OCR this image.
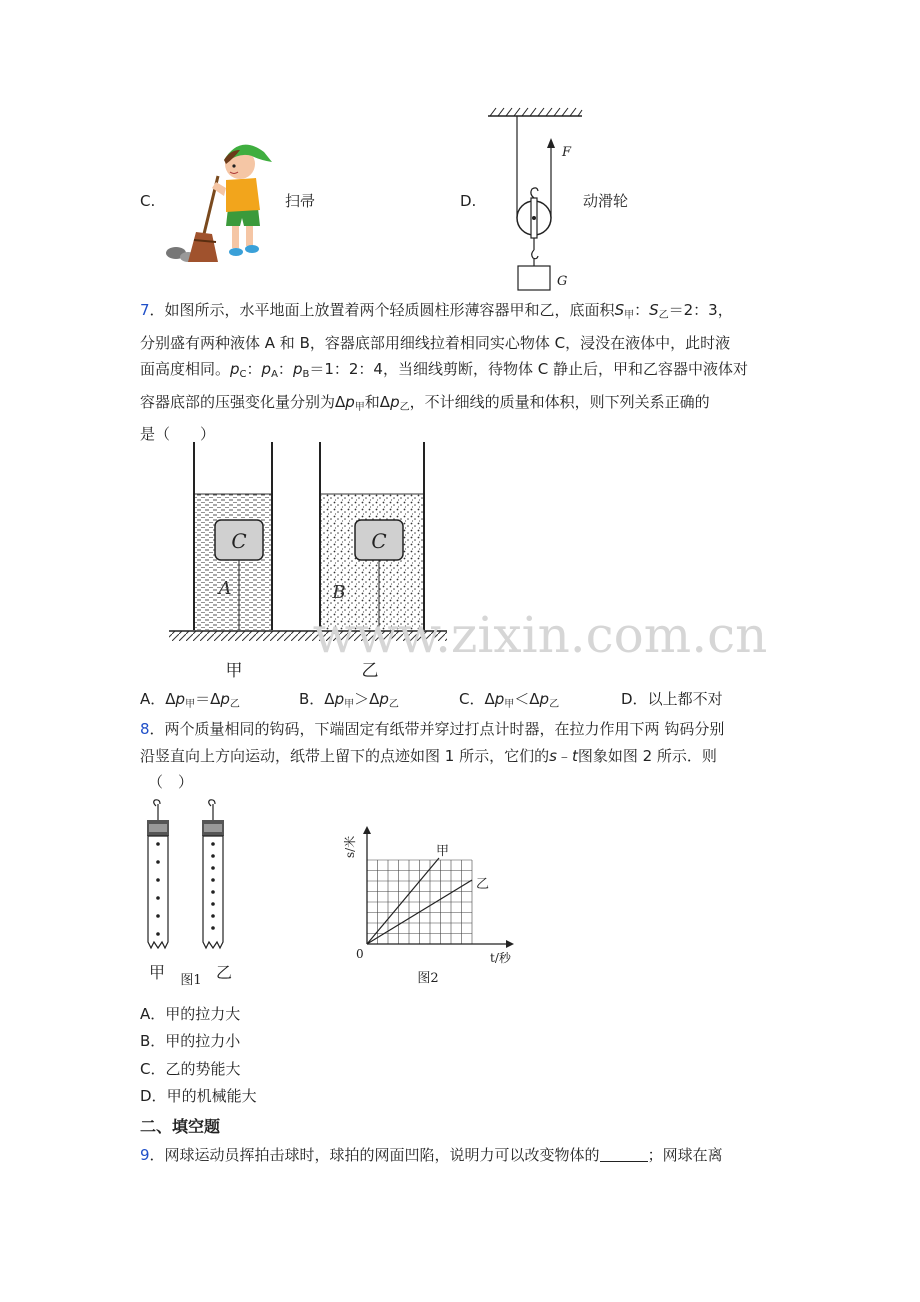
C.	扫帚	D.
F
G
动滑轮
7．如图所示，水平地面上放置着两个轻质圆柱形薄容器甲和乙，底面积$S_甲$：$S_乙=2$：3，
分别盛有两种液体 A 和 B，容器底部用细线拉着相同实心物体 C，浸没在液体中，此时液
面高度相同。$p_C$：$p_A$：$p_B=1$：2：4，当细线剪断，待物体 C 静止后，甲和乙容器中液体对
容器底部的压强变化量分别为$\Delta p_甲$和$\Delta p_乙$，不计细线的质量和体积，则下列关系正确的
是（　　）
C
A
C
B
www.zixin.com.cn
甲	乙
A．$\Delta p_甲=\Delta p_乙$	B．$\Delta p_甲>\Delta p_乙$	C．$\Delta p_甲<\Delta p_乙$	D．以上都不对
8．两个质量相同的钩码，下端固定有纸带并穿过打点计时器，在拉力作用下两 钩码分别
沿竖直向上方向运动，纸带上留下的点迹如图 1 所示，它们的s﹣t图象如图 2 所示．则
（　）
甲 图1 乙
甲
乙
s/米
t/秒
0
图2
A．甲的拉力大
B．甲的拉力小
C．乙的势能大
D．甲的机械能大
二、填空题
9．网球运动员挥拍击球时，球拍的网面凹陷，说明力可以改变物体的	；网球在离
